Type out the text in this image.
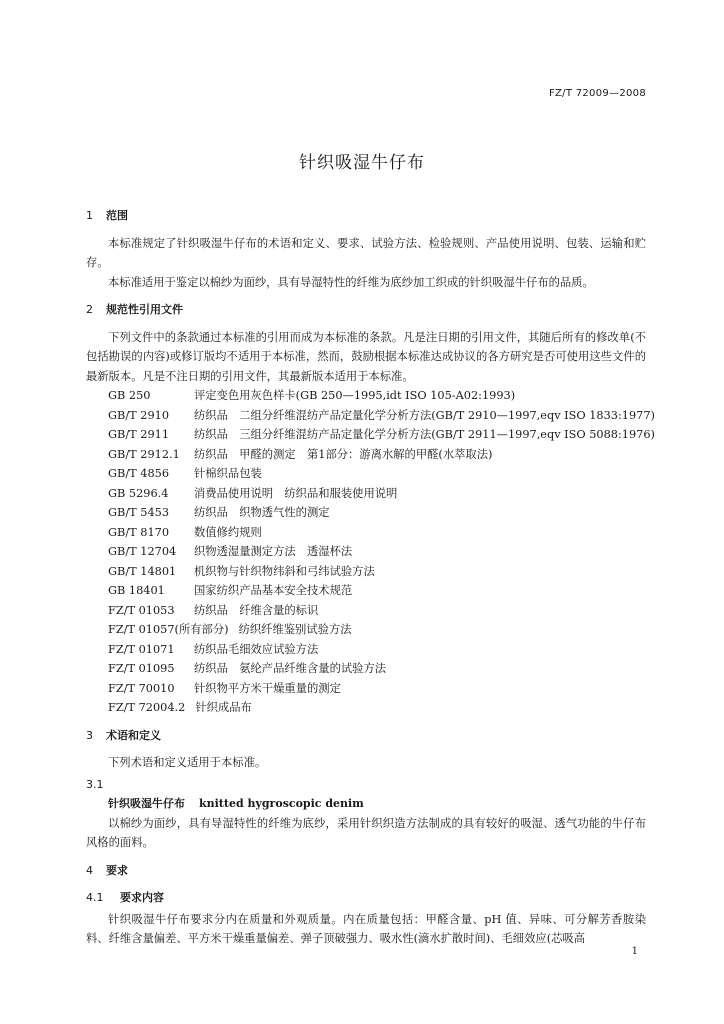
FZ/T 72009—2008
针织吸湿牛仔布
1 范围
本标准规定了针织吸湿牛仔布的术语和定义、要求、试验方法、检验规则、产品使用说明、包装、运输和贮存。
本标准适用于鉴定以棉纱为面纱，具有导湿特性的纤维为底纱加工织成的针织吸湿牛仔布的品质。
2 规范性引用文件
下列文件中的条款通过本标准的引用而成为本标准的条款。凡是注日期的引用文件，其随后所有的修改单(不包括勘误的内容)或修订版均不适用于本标准，然而，鼓励根据本标准达成协议的各方研究是否可使用这些文件的最新版本。凡是不注日期的引用文件，其最新版本适用于本标准。
GB 250	评定变色用灰色样卡(GB 250—1995,idt ISO 105-A02:1993)
GB/T 2910 纺织品　二组分纤维混纺产品定量化学分析方法(GB/T 2910—1997,eqv ISO 1833:1977)
GB/T 2911 纺织品　三组分纤维混纺产品定量化学分析方法(GB/T 2911—1997,eqv ISO 5088:1976)
GB/T 2912.1 纺织品　甲醛的测定　第1部分：游离水解的甲醛(水萃取法)
GB/T 4856 针棉织品包装
GB 5296.4 消费品使用说明　纺织品和服装使用说明
GB/T 5453 纺织品　织物透气性的测定
GB/T 8170 数值修约规则
GB/T 12704 织物透湿量测定方法　透湿杯法
GB/T 14801 机织物与针织物纬斜和弓纬试验方法
GB 18401	国家纺织产品基本安全技术规范
FZ/T 01053 纺织品　纤维含量的标识
FZ/T 01057(所有部分) 纺织纤维鉴别试验方法
FZ/T 01071 纺织品毛细效应试验方法
FZ/T 01095 纺织品　氨纶产品纤维含量的试验方法
FZ/T 70010 针织物平方米干燥重量的测定
FZ/T 72004.2 针织成品布
3 术语和定义
下列术语和定义适用于本标准。
3.1
针织吸湿牛仔布 knitted hygroscopic denim
以棉纱为面纱，具有导湿特性的纤维为底纱，采用针织织造方法制成的具有较好的吸湿、透气功能的牛仔布风格的面料。
4 要求
4.1 要求内容
针织吸湿牛仔布要求分内在质量和外观质量。内在质量包括：甲醛含量、pH 值、异味、可分解芳香胺染料、纤维含量偏差、平方米干燥重量偏差、弹子顶破强力、吸水性(滴水扩散时间)、毛细效应(芯吸高
1
